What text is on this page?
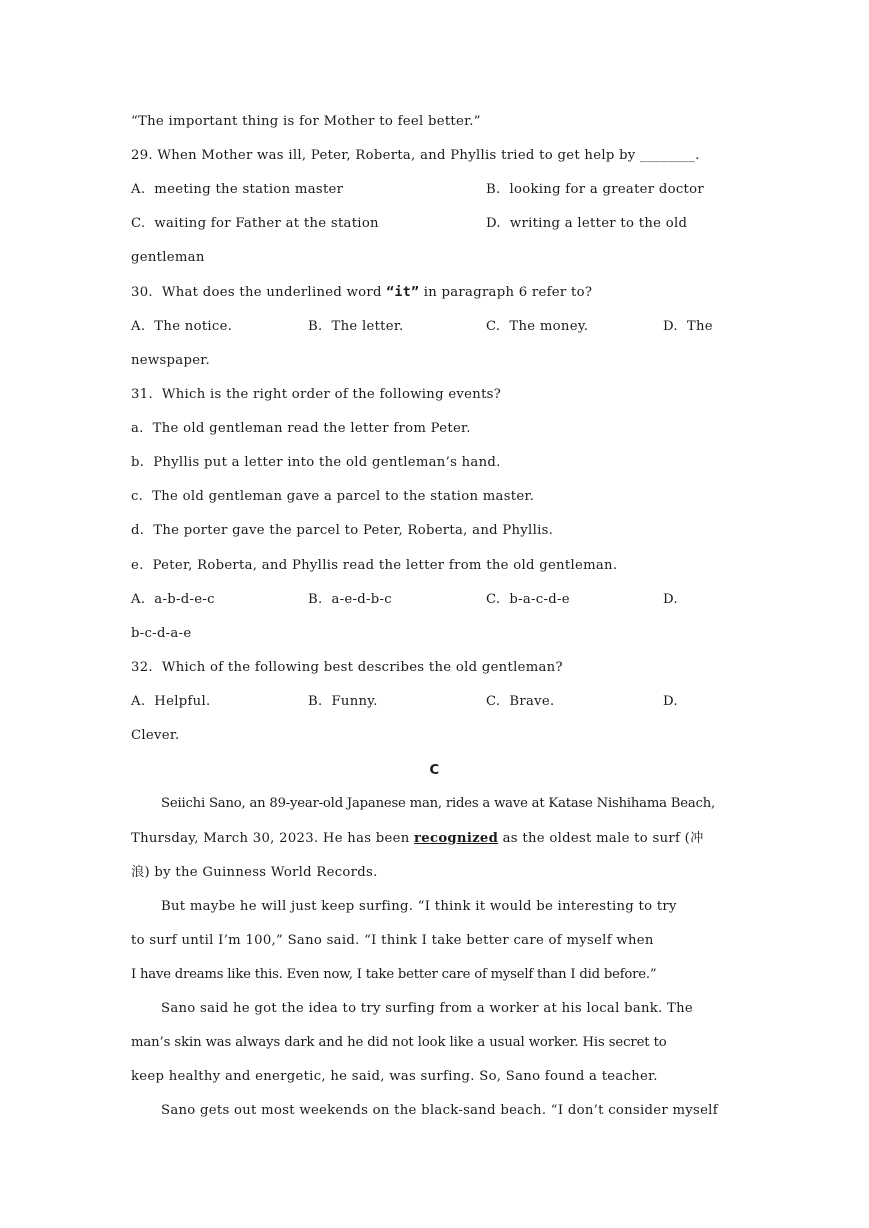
“The important thing is for Mother to feel better.”
29. When Mother was ill, Peter, Roberta, and Phyllis tried to get help by ________.
A.  meeting the station master	B.  looking for a greater doctor
C.  waiting for Father at the station	D.  writing a letter to the old
gentleman
30.  What does the underlined word “it” in paragraph 6 refer to?
A.  The notice.	B.  The letter.	C.  The money.	D.  The
newspaper.
31.  Which is the right order of the following events?
a.  The old gentleman read the letter from Peter.
b.  Phyllis put a letter into the old gentleman’s hand.
c.  The old gentleman gave a parcel to the station master.
d.  The porter gave the parcel to Peter, Roberta, and Phyllis.
e.  Peter, Roberta, and Phyllis read the letter from the old gentleman.
A.  a-b-d-e-c	B.  a-e-d-b-c	C.  b-a-c-d-e	D.
b-c-d-a-e
32.  Which of the following best describes the old gentleman?
A.  Helpful.	B.  Funny.	C.  Brave.	D.
Clever.
C
Seiichi Sano, an 89-year-old Japanese man, rides a wave at Katase Nishihama Beach,
Thursday, March 30, 2023. He has been recognized as the oldest male to surf (冲
浪) by the Guinness World Records.
But maybe he will just keep surfing. “I think it would be interesting to try
to surf until I’m 100,” Sano said. “I think I take better care of myself when
I have dreams like this. Even now, I take better care of myself than I did before.”
Sano said he got the idea to try surfing from a worker at his local bank. The
man’s skin was always dark and he did not look like a usual worker. His secret to
keep healthy and energetic, he said, was surfing. So, Sano found a teacher.
Sano gets out most weekends on the black-sand beach. “I don’t consider myself
